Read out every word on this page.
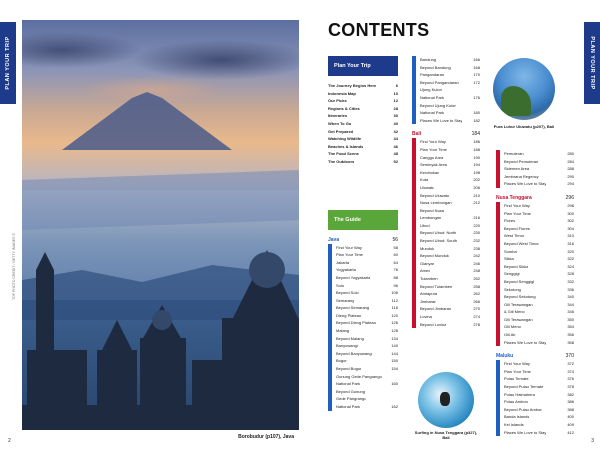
PLAN YOUR TRIP
TOP PHOTO CREDIT / GETTY IMAGES ©
Borobudur (p107), Java
2
CONTENTS
PLAN YOUR TRIP
Plan Your Trip
The Journey Begins Here	6
Indonesia Map	10
Our Picks	12
Regions & Cities	28
Itineraries	30
When To Go	40
Get Prepared	42
Watching Wildlife	44
Beaches & Islands	46
The Food Scene	48
The Outdoors	52
The Guide
Java	56
Find Your Way	58
Plan Your Time	60
Jakarta	64
Yogyakarta	76
Beyond Yogyakarta	88
Solo	96
Beyond Solo	106
Semarang	112
Beyond Semarang	116
Dieng Plateau	120
Beyond Dieng Plateau	126
Malang	128
Beyond Malang	134
Banyuwangi	140
Beyond Banyuwangi	144
Bogor	150
Beyond Bogor	154
Gunung Gede Pangrango
National Park	160
Beyond Gunung
Gede Pangrango
National Park	162
Bandung	166
Beyond Bandung	168
Pangandaran	170
Beyond Pangandaran	172
Ujung Kulon
National Park	176
Beyond Ujung Kulon
National Park	180
Places We Love to Stay	182
Bali	184
Find Your Way	186
Plan Your Time	188
Canggu Area	190
Seminyak Area	194
Kerobokan	198
Kuta	202
Uluwatu	206
Beyond Uluwatu	210
Nusa Lembongan	212
Beyond Nusa
Lembongan	216
Ubud	220
Beyond Ubud: North	230
Beyond Ubud: South	232
Munduk	238
Beyond Munduk	242
Gianyar	246
Amed	248
Tulamben	252
Beyond Tulamben	258
Amlapura	262
Jimbaran	266
Beyond Jimbaran	270
Lovina	274
Beyond Lovina	278
Pemuteran	280
Beyond Pemuteran	284
Sidemen Area	288
Jembrana Regency	290
Places We Love to Stay	294
Nusa Tenggara	296
Find Your Way	298
Plan Your Time	300
Flores	302
Beyond Flores	304
West Timor	310
Beyond West Timor	316
Sumba	320
Sikka	322
Beyond Sikka	324
Senggigi	328
Beyond Senggigi	332
Sekotong	336
Beyond Sekotong	340
Gili Terawangan	344
& Gili Meno	346
Gili Terawangan	350
Gili Meno	354
Gili Air	356
Places We Love to Stay	358
Maluku	370
Find Your Way	372
Plan Your Time	374
Pulau Ternate	376
Beyond Pulau Ternate	378
Pulau Halmahera	382
Pulau Ambon	386
Beyond Pulau Ambon	388
Banda Islands	400
Kei Islands	409
Places We Love to Stay	412
Pura Luhur Uluwatu (p207), Bali
Surfing in Nusa Tenggara (p327), Bali
3
